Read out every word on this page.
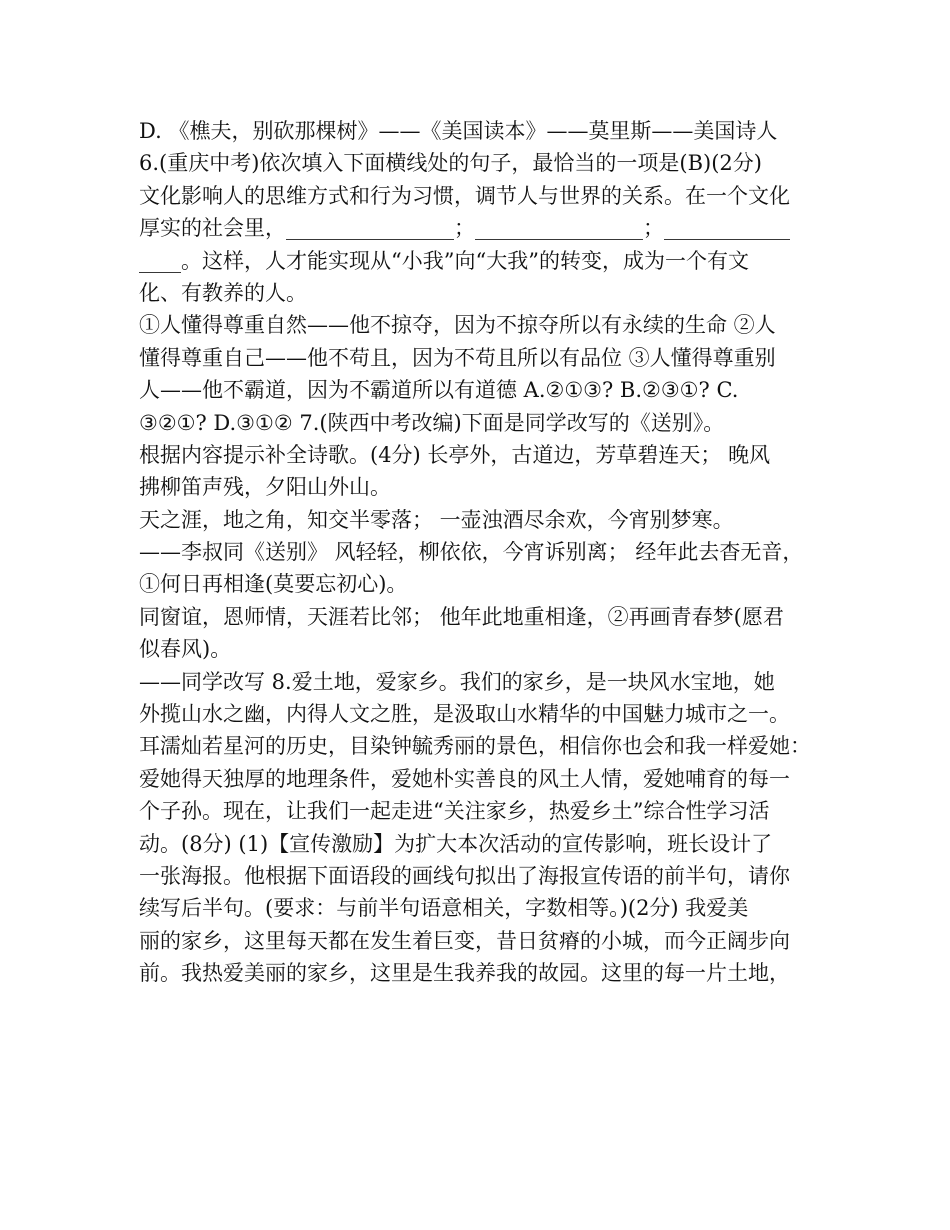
D. 《樵夫，别砍那棵树》——《美国读本》——莫里斯——美国诗人
6.(重庆中考)依次填入下面横线处的句子，最恰当的一项是(B)(2分)
文化影响人的思维方式和行为习惯，调节人与世界的关系。在一个文化
厚实的社会里，________________；________________；____________
____。这样，人才能实现从“小我”向“大我”的转变，成为一个有文
化、有教养的人。
①人懂得尊重自然——他不掠夺，因为不掠夺所以有永续的生命 ②人
懂得尊重自己——他不苟且，因为不苟且所以有品位 ③人懂得尊重别
人——他不霸道，因为不霸道所以有道德 A.②①③? B.②③①? C.
③②①? D.③①② 7.(陕西中考改编)下面是同学改写的《送别》。
根据内容提示补全诗歌。(4分) 长亭外，古道边，芳草碧连天； 晚风
拂柳笛声残，夕阳山外山。
天之涯，地之角，知交半零落； 一壶浊酒尽余欢，今宵别梦寒。
——李叔同《送别》 风轻轻，柳依依，今宵诉别离； 经年此去杳无音，
①何日再相逢(莫要忘初心)。
同窗谊，恩师情，天涯若比邻； 他年此地重相逢，②再画青春梦(愿君
似春风)。
——同学改写 8.爱土地，爱家乡。我们的家乡，是一块风水宝地，她
外揽山水之幽，内得人文之胜，是汲取山水精华的中国魅力城市之一。
耳濡灿若星河的历史，目染钟毓秀丽的景色，相信你也会和我一样爱她：
爱她得天独厚的地理条件，爱她朴实善良的风土人情，爱她哺育的每一
个子孙。现在，让我们一起走进“关注家乡，热爱乡土”综合性学习活
动。(8分) (1)【宣传激励】为扩大本次活动的宣传影响，班长设计了
一张海报。他根据下面语段的画线句拟出了海报宣传语的前半句，请你
续写后半句。(要求：与前半句语意相关，字数相等。)(2分) 我爱美
丽的家乡，这里每天都在发生着巨变，昔日贫瘠的小城，而今正阔步向
前。我热爱美丽的家乡，这里是生我养我的故园。这里的每一片土地，
